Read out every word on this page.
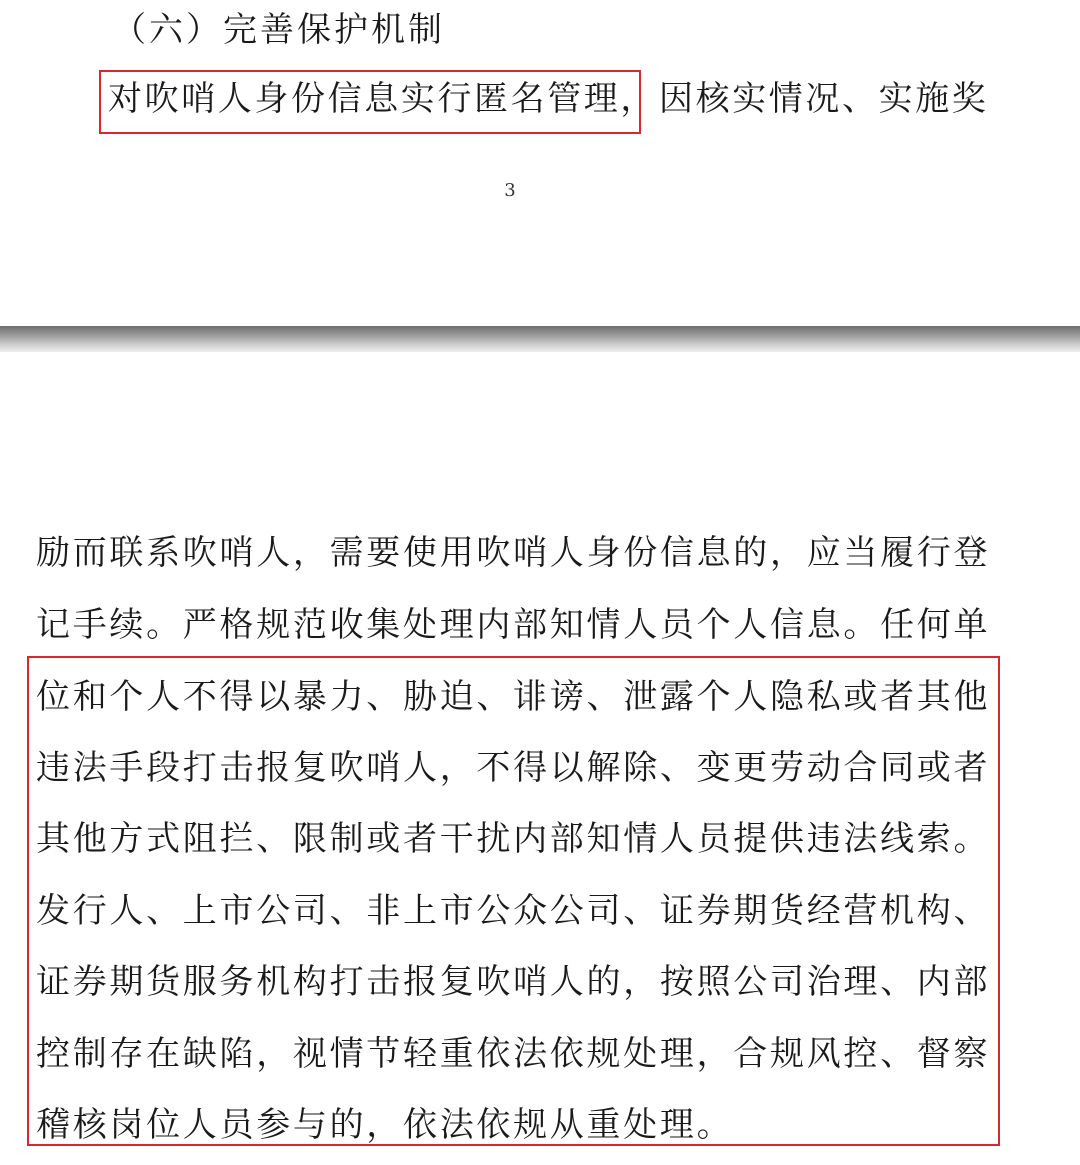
（六）完善保护机制
对吹哨人身份信息实行匿名管理，因核实情况、实施奖
3
励而联系吹哨人，需要使用吹哨人身份信息的，应当履行登
记手续。严格规范收集处理内部知情人员个人信息。任何单
位和个人不得以暴力、胁迫、诽谤、泄露个人隐私或者其他
违法手段打击报复吹哨人，不得以解除、变更劳动合同或者
其他方式阻拦、限制或者干扰内部知情人员提供违法线索。
发行人、上市公司、非上市公众公司、证券期货经营机构、
证券期货服务机构打击报复吹哨人的，按照公司治理、内部
控制存在缺陷，视情节轻重依法依规处理，合规风控、督察
稽核岗位人员参与的，依法依规从重处理。
